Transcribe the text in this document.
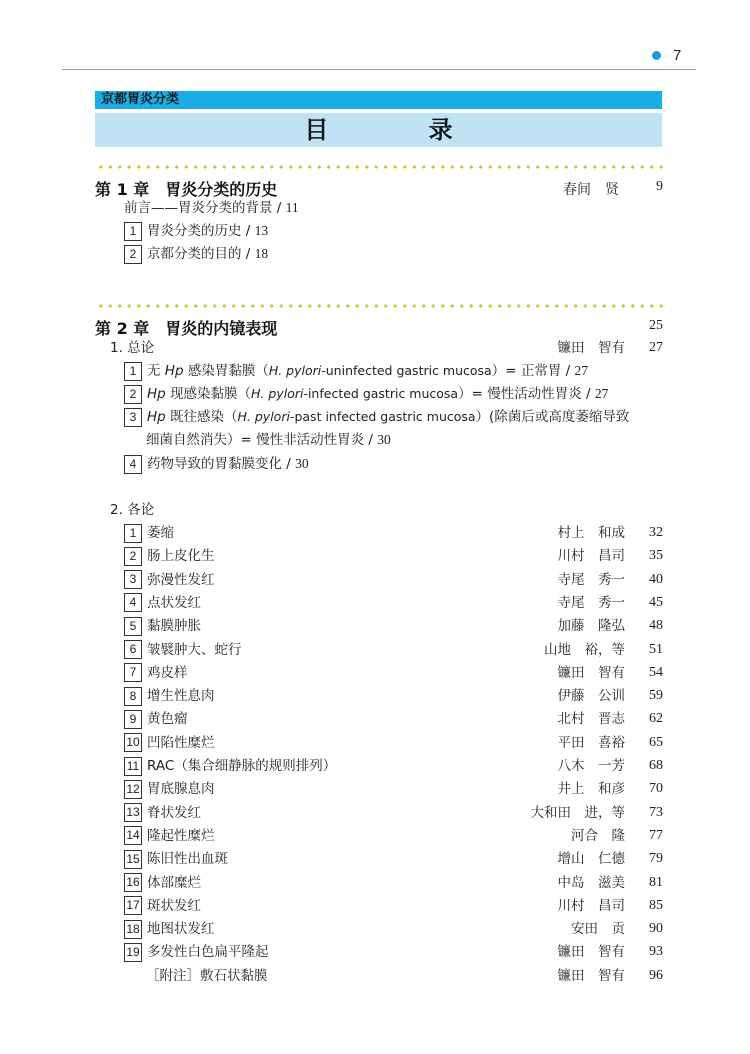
7
京都胃炎分类
目 录
第 1 章　胃炎分类的历史	春间　贤	9
前言——胃炎分类的背景 / 11
1 胃炎分类的历史 / 13
2 京都分类的目的 / 18
第 2 章　胃炎的内镜表现	25
1. 总论	镰田　智有 27
1 无 Hp 感染胃黏膜（H. pylori-uninfected gastric mucosa）= 正常胃 / 27
2 Hp 现感染黏膜（H. pylori-infected gastric mucosa）= 慢性活动性胃炎 / 27
3 Hp 既往感染（H. pylori-past infected gastric mucosa）(除菌后或高度萎缩导致
细菌自然消失）= 慢性非活动性胃炎 / 30
4 药物导致的胃黏膜变化 / 30
2. 各论
1 萎缩	村上　和成 32
2 肠上皮化生	川村　昌司 35
3 弥漫性发红	寺尾　秀一 40
4 点状发红	寺尾　秀一 45
5 黏膜肿胀	加藤　隆弘 48
6 皱襞肿大、蛇行	山地　裕，等 51
7 鸡皮样	镰田　智有 54
8 增生性息肉	伊藤　公训 59
9 黄色瘤	北村　晋志 62
10 凹陷性糜烂	平田　喜裕 65
11 RAC（集合细静脉的规则排列）	八木　一芳 68
12 胃底腺息肉	井上　和彦 70
13 脊状发红	大和田　进，等 73
14 隆起性糜烂	河合　隆 77
15 陈旧性出血斑	增山　仁德 79
16 体部糜烂	中岛　滋美 81
17 斑状发红	川村　昌司 85
18 地图状发红	安田　贡 90
19 多发性白色扁平隆起	镰田　智有 93
［附注］敷石状黏膜	镰田　智有 96
